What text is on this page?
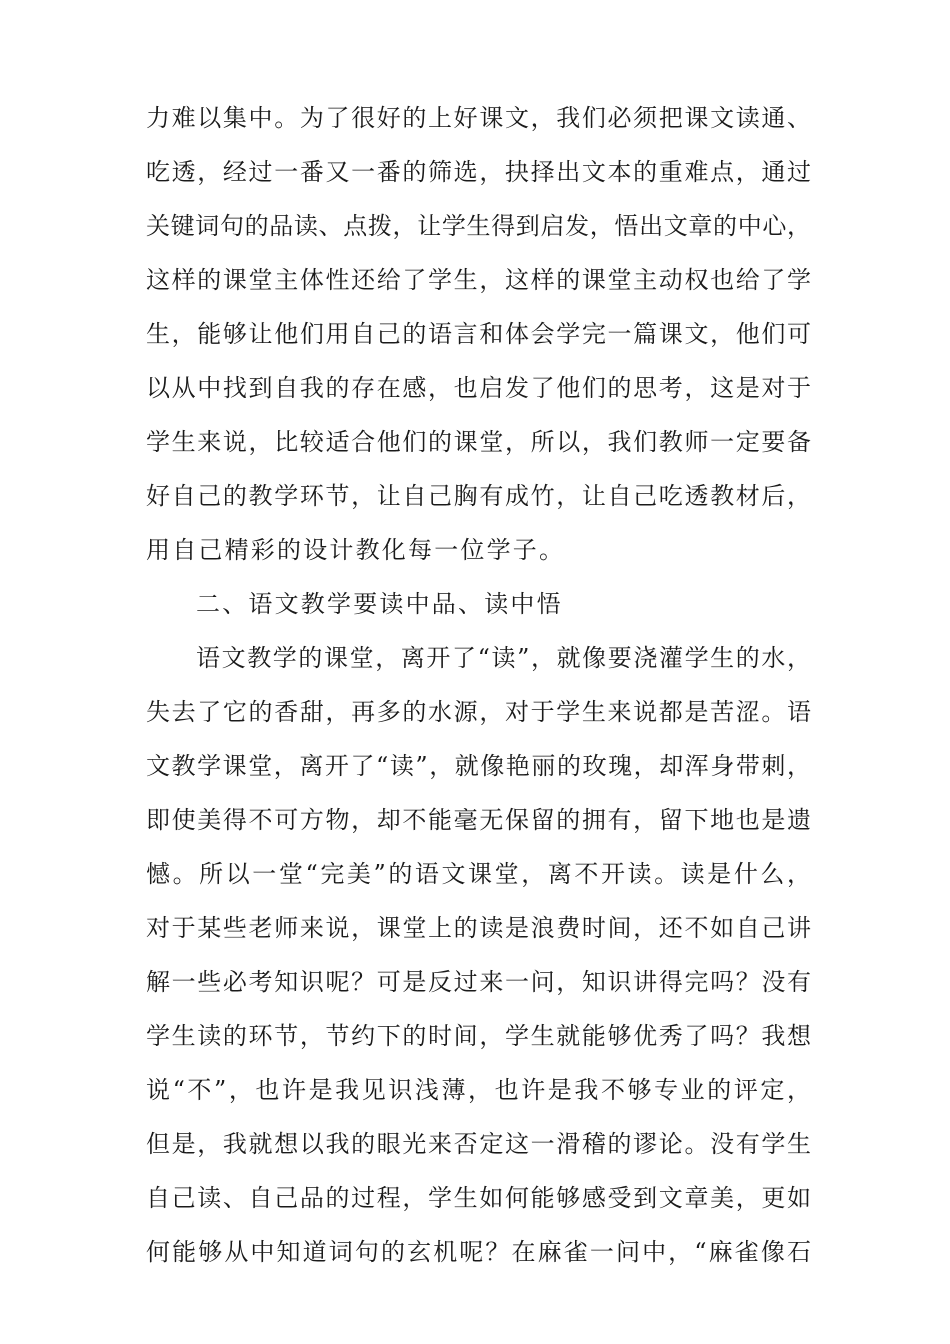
力难以集中。为了很好的上好课文，我们必须把课文读通、
吃透，经过一番又一番的筛选，抉择出文本的重难点，通过
关键词句的品读、点拨，让学生得到启发，悟出文章的中心，
这样的课堂主体性还给了学生，这样的课堂主动权也给了学
生，能够让他们用自己的语言和体会学完一篇课文，他们可
以从中找到自我的存在感，也启发了他们的思考，这是对于
学生来说，比较适合他们的课堂，所以，我们教师一定要备
好自己的教学环节，让自己胸有成竹，让自己吃透教材后，
用自己精彩的设计教化每一位学子。
二、语文教学要读中品、读中悟
语文教学的课堂，离开了“读”，就像要浇灌学生的水，
失去了它的香甜，再多的水源，对于学生来说都是苦涩。语
文教学课堂，离开了“读”，就像艳丽的玫瑰，却浑身带刺，
即使美得不可方物，却不能毫无保留的拥有，留下地也是遗
憾。所以一堂“完美”的语文课堂，离不开读。读是什么，
对于某些老师来说，课堂上的读是浪费时间，还不如自己讲
解一些必考知识呢？可是反过来一问，知识讲得完吗？没有
学生读的环节，节约下的时间，学生就能够优秀了吗？我想
说“不”，也许是我见识浅薄，也许是我不够专业的评定，
但是，我就想以我的眼光来否定这一滑稽的谬论。没有学生
自己读、自己品的过程，学生如何能够感受到文章美，更如
何能够从中知道词句的玄机呢？在麻雀一问中，“麻雀像石
